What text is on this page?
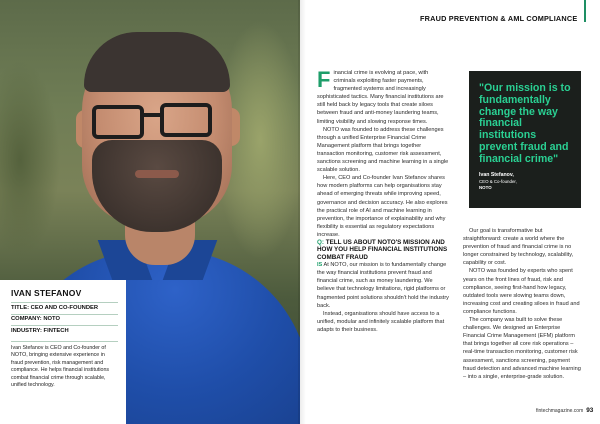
IVAN STEFANOV
TITLE: CEO AND CO-FOUNDER
COMPANY: NOTO
INDUSTRY: FINTECH
Ivan Stefanov is CEO and Co-founder of NOTO, bringing extensive experience in fraud prevention, risk management and compliance. He helps financial institutions combat financial crime through scalable, unified technology.
FRAUD PREVENTION & AML COMPLIANCE

Financial crime is evolving at pace, with criminals exploiting faster payments, fragmented systems and increasingly sophisticated tactics. Many financial institutions are still held back by legacy tools that create siloes between fraud and anti-money laundering teams, limiting visibility and slowing response times.

NOTO was founded to address these challenges through a unified Enterprise Financial Crime Management platform that brings together transaction monitoring, customer risk assessment, sanctions screening and machine learning in a single scalable solution.

Here, CEO and Co-founder Ivan Stefanov shares how modern platforms can help organisations stay ahead of emerging threats while improving speed, governance and decision accuracy. He also explores the practical role of AI and machine learning in prevention, the importance of explainability and why flexibility is essential as regulatory expectations increase.

Q: TELL US ABOUT NOTO'S MISSION AND HOW YOU HELP FINANCIAL INSTITUTIONS COMBAT FRAUD

IS At NOTO, our mission is to fundamentally change the way financial institutions prevent fraud and financial crime, such as money laundering. We believe that technology limitations, rigid platforms or fragmented point solutions shouldn't hold the industry back.

Instead, organisations should have access to a unified, modular and infinitely scalable platform that adapts to their business.

"Our mission is to fundamentally change the way financial institutions prevent fraud and financial crime"
Ivan Stefanov,
CEO & Co-founder,
NOTO

Our goal is transformative but straightforward: create a world where the prevention of fraud and financial crime is no longer constrained by technology, scalability, capability or cost.

NOTO was founded by experts who spent years on the front lines of fraud, risk and compliance, seeing first-hand how legacy, outdated tools were slowing teams down, increasing cost and creating siloes in fraud and compliance functions.

The company was built to solve these challenges. We designed an Enterprise Financial Crime Management (EFM) platform that brings together all core risk operations – real-time transaction monitoring, customer risk assessment, sanctions screening, payment fraud detection and advanced machine learning – into a single, enterprise-grade solution.

fintechmagazine.com 93
